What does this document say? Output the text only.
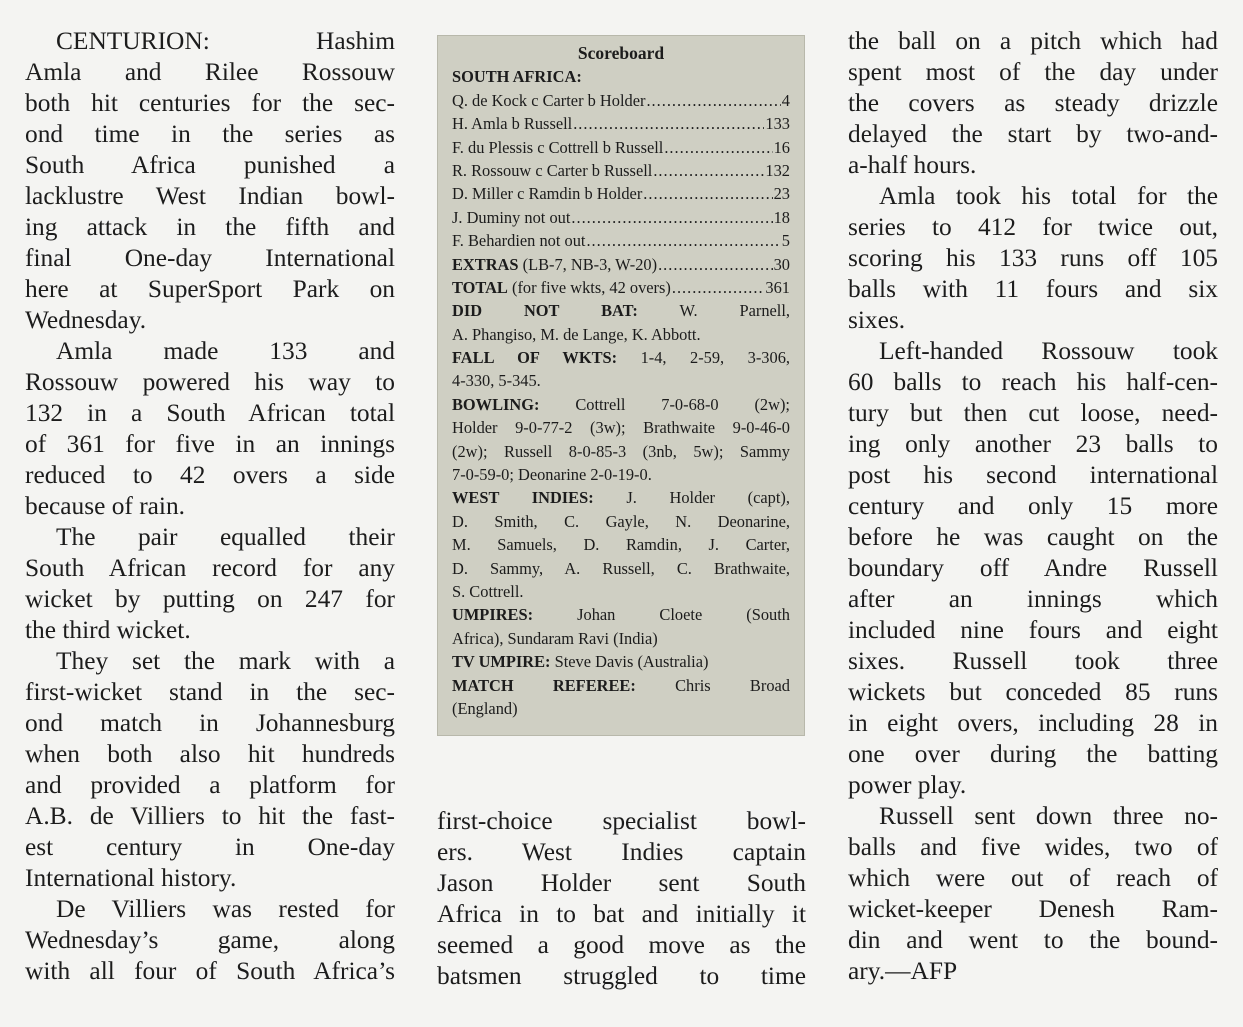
CENTURION: Hashim
Amla and Rilee Rossouw
both hit centuries for the sec-
ond time in the series as
South Africa punished a
lacklustre West Indian bowl-
ing attack in the fifth and
final One-day International
here at SuperSport Park on
Wednesday.
Amla made 133 and
Rossouw powered his way to
132 in a South African total
of 361 for five in an innings
reduced to 42 overs a side
because of rain.
The pair equalled their
South African record for any
wicket by putting on 247 for
the third wicket.
They set the mark with a
first-wicket stand in the sec-
ond match in Johannesburg
when both also hit hundreds
and provided a platform for
A.B. de Villiers to hit the fast-
est century in One-day
International history.
De Villiers was rested for
Wednesday’s game, along
with all four of South Africa’s
Scoreboard
SOUTH AFRICA:
Q. de Kock c Carter b Holder .....	4
H. Amla b Russell .....	133
F. du Plessis c Cottrell b Russell .....	16
R. Rossouw c Carter b Russell .....	132
D. Miller c Ramdin b Holder .....	23
J. Duminy not out .....	18
F. Behardien not out .....	5
EXTRAS (LB-7, NB-3, W-20) .....	30
TOTAL (for five wkts, 42 overs) .....	361
DID NOT BAT:	W. Parnell,
A. Phangiso, M. de Lange, K. Abbott.
FALL OF WKTS: 1-4, 2-59, 3-306,
4-330, 5-345.
BOWLING: Cottrell 7-0-68-0 (2w);
Holder 9-0-77-2 (3w); Brathwaite 9-0-46-0
(2w); Russell 8-0-85-3 (3nb, 5w); Sammy
7-0-59-0; Deonarine 2-0-19-0.
WEST INDIES: J. Holder (capt),
D. Smith, C. Gayle, N. Deonarine,
M. Samuels, D. Ramdin, J. Carter,
D. Sammy, A. Russell, C. Brathwaite,
S. Cottrell.
UMPIRES:	Johan Cloete (South
Africa), Sundaram Ravi (India)
TV UMPIRE: Steve Davis (Australia)
MATCH REFEREE: Chris Broad
(England)
first-choice specialist bowl-
ers. West Indies captain
Jason Holder sent South
Africa in to bat and initially it
seemed a good move as the
batsmen struggled to time
the ball on a pitch which had
spent most of the day under
the covers as steady drizzle
delayed the start by two-and-
a-half hours.
Amla took his total for the
series to 412 for twice out,
scoring his 133 runs off 105
balls with 11 fours and six
sixes.
Left-handed Rossouw took
60 balls to reach his half-cen-
tury but then cut loose, need-
ing only another 23 balls to
post his second international
century and only 15 more
before he was caught on the
boundary off Andre Russell
after an innings which
included nine fours and eight
sixes. Russell took three
wickets but conceded 85 runs
in eight overs, including 28 in
one over during the batting
power play.
Russell sent down three no-
balls and five wides, two of
which were out of reach of
wicket-keeper Denesh Ram-
din and went to the bound-
ary.—AFP
